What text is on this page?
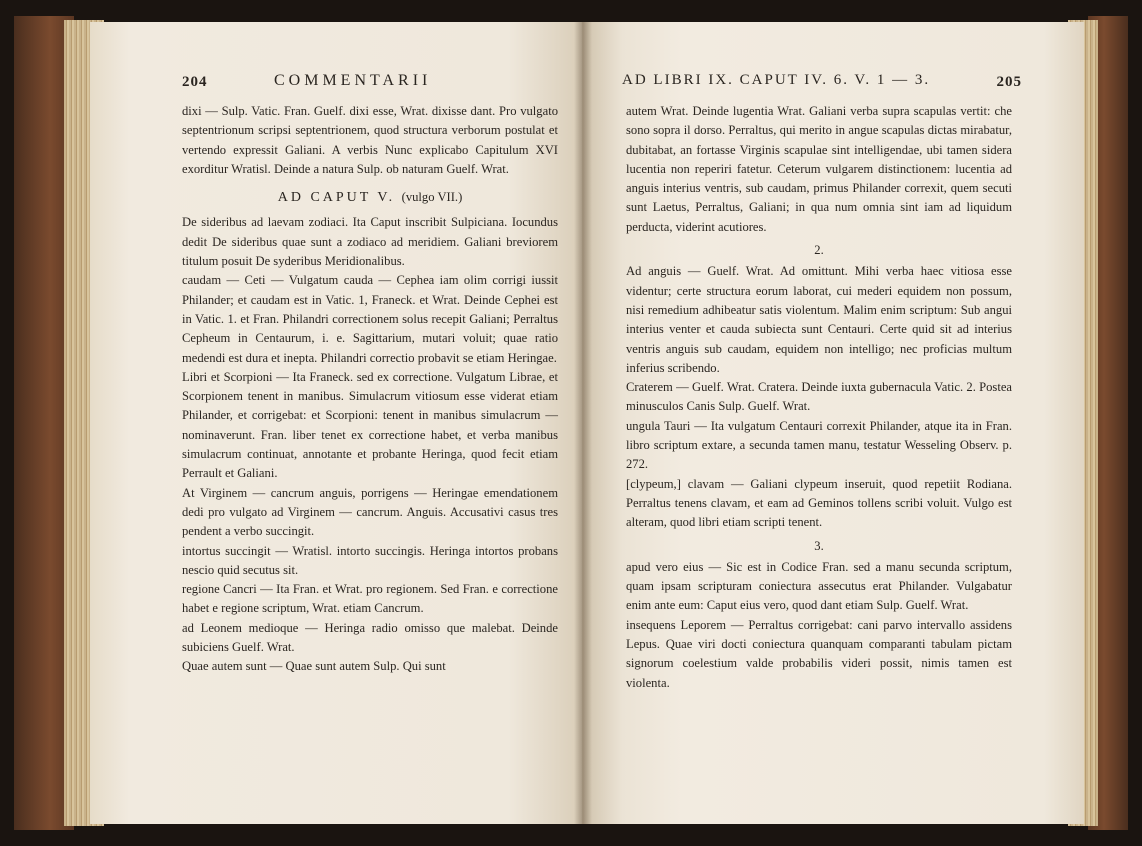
204	COMMENTARII

dixi — Sulp. Vatic. Fran. Guelf. dixi esse, Wrat. dixisse dant. Pro vulgato septentrionum scripsi septentrionem, quod structura verborum postulat et vertendo expressit Galiani. A verbis Nunc explicabo Capitulum XVI exorditur Wratisl. Deinde a natura Sulp. ob naturam Guelf. Wrat.

AD CAPUT V. (vulgo VII.)

De sideribus ad laevam zodiaci. Ita Caput inscribit Sulpiciana. Iocundus dedit De sideribus quae sunt a zodiaco ad meridiem. Galiani breviorem titulum posuit De syderibus Meridionalibus.

caudam — Ceti — Vulgatum cauda — Cephea iam olim corrigi iussit Philander; et caudam est in Vatic. 1, Franeck. et Wrat. Deinde Cephei est in Vatic. 1. et Fran. Philandri correctionem solus recepit Galiani; Perraltus Cepheum in Centaurum, i. e. Sagittarium, mutari voluit; quae ratio medendi est dura et inepta. Philandri correctio probavit se etiam Heringae.

Libri et Scorpioni — Ita Franeck. sed ex correctione. Vulgatum Librae, et Scorpionem tenent in manibus. Simulacrum vitiosum esse viderat etiam Philander, et corrigebat: et Scorpioni: tenent in manibus simulacrum — nominaverunt. Fran. liber tenet ex correctione habet, et verba manibus simulacrum continuat, annotante et probante Heringa, quod fecit etiam Perrault et Galiani.

At Virginem — cancrum anguis, porrigens — Heringae emendationem dedi pro vulgato ad Virginem — cancrum. Anguis. Accusativi casus tres pendent a verbo succingit.

intortus succingit — Wratisl. intorto succingis. Heringa intortos probans nescio quid secutus sit.

regione Cancri — Ita Fran. et Wrat. pro regionem. Sed Fran. e correctione habet e regione scriptum, Wrat. etiam Cancrum.

ad Leonem medioque — Heringa radio omisso que malebat. Deinde subiciens Guelf. Wrat.

Quae autem sunt — Quae sunt autem Sulp. Qui sunt

AD LIBRI IX. CAPUT IV. 6. V. 1 — 3.	205

autem Wrat. Deinde lugentia Wrat. Galiani verba supra scapulas vertit: che sono sopra il dorso. Perraltus, qui merito in angue scapulas dictas mirabatur, dubitabat, an fortasse Virginis scapulae sint intelligendae, ubi tamen sidera lucentia non reperiri fatetur. Ceterum vulgarem distinctionem: lucentia ad anguis interius ventris, sub caudam, primus Philander correxit, quem secuti sunt Laetus, Perraltus, Galiani; in qua num omnia sint iam ad liquidum perducta, viderint acutiores.

2.

Ad anguis — Guelf. Wrat. Ad omittunt. Mihi verba haec vitiosa esse videntur; certe structura eorum laborat, cui mederi equidem non possum, nisi remedium adhibeatur satis violentum. Malim enim scriptum: Sub angui interius venter et cauda subiecta sunt Centauri. Certe quid sit ad interius ventris anguis sub caudam, equidem non intelligo; nec proficias multum inferius scribendo.

Craterem — Guelf. Wrat. Cratera. Deinde iuxta gubernacula Vatic. 2. Postea minusculos Canis Sulp. Guelf. Wrat.

ungula Tauri — Ita vulgatum Centauri correxit Philander, atque ita in Fran. libro scriptum extare, a secunda tamen manu, testatur Wesseling Observ. p. 272.

[clypeum,] clavam — Galiani clypeum inseruit, quod repetiit Rodiana. Perraltus tenens clavam, et eam ad Geminos tollens scribi voluit. Vulgo est alteram, quod libri etiam scripti tenent.

3.

apud vero eius — Sic est in Codice Fran. sed a manu secunda scriptum, quam ipsam scripturam coniectura assecutus erat Philander. Vulgabatur enim ante eum: Caput eius vero, quod dant etiam Sulp. Guelf. Wrat.

insequens Leporem — Perraltus corrigebat: cani parvo intervallo assidens Lepus. Quae viri docti coniectura quanquam comparanti tabulam pictam signorum coelestium valde probabilis videri possit, nimis tamen est violenta.
